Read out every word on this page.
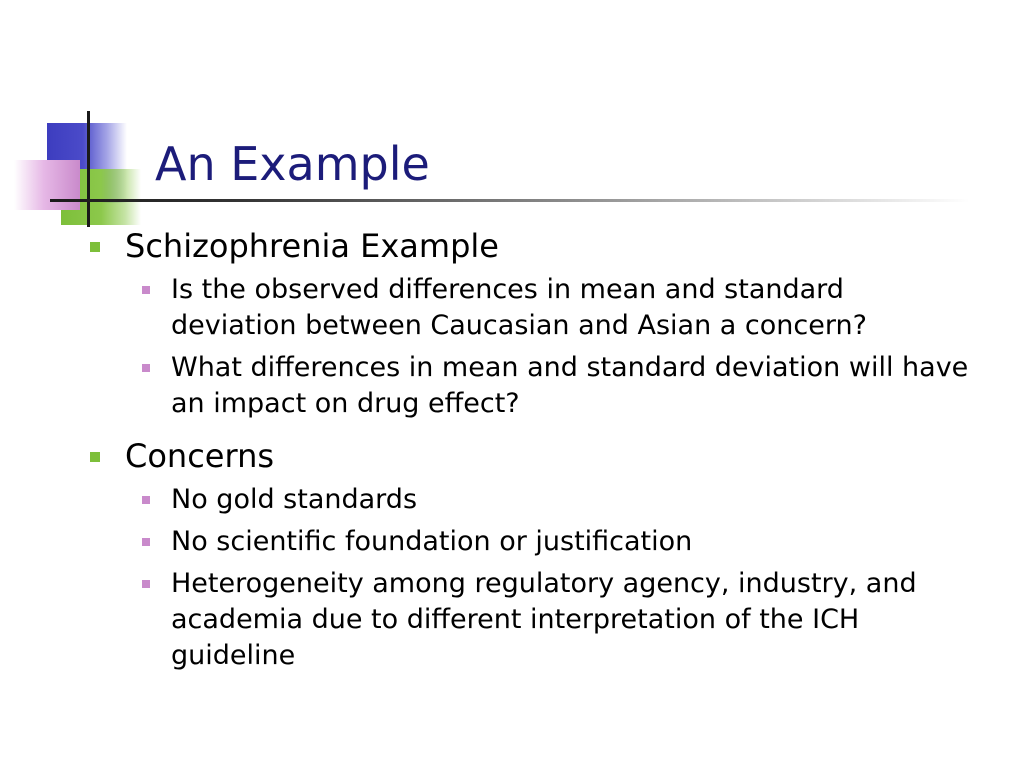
An Example
Schizophrenia Example
Is the observed differences in mean and standard deviation between Caucasian and Asian a concern?
What differences in mean and standard deviation will have an impact on drug effect?
Concerns
No gold standards
No scientific foundation or justification
Heterogeneity among regulatory agency, industry, and academia due to different interpretation of the ICH guideline
